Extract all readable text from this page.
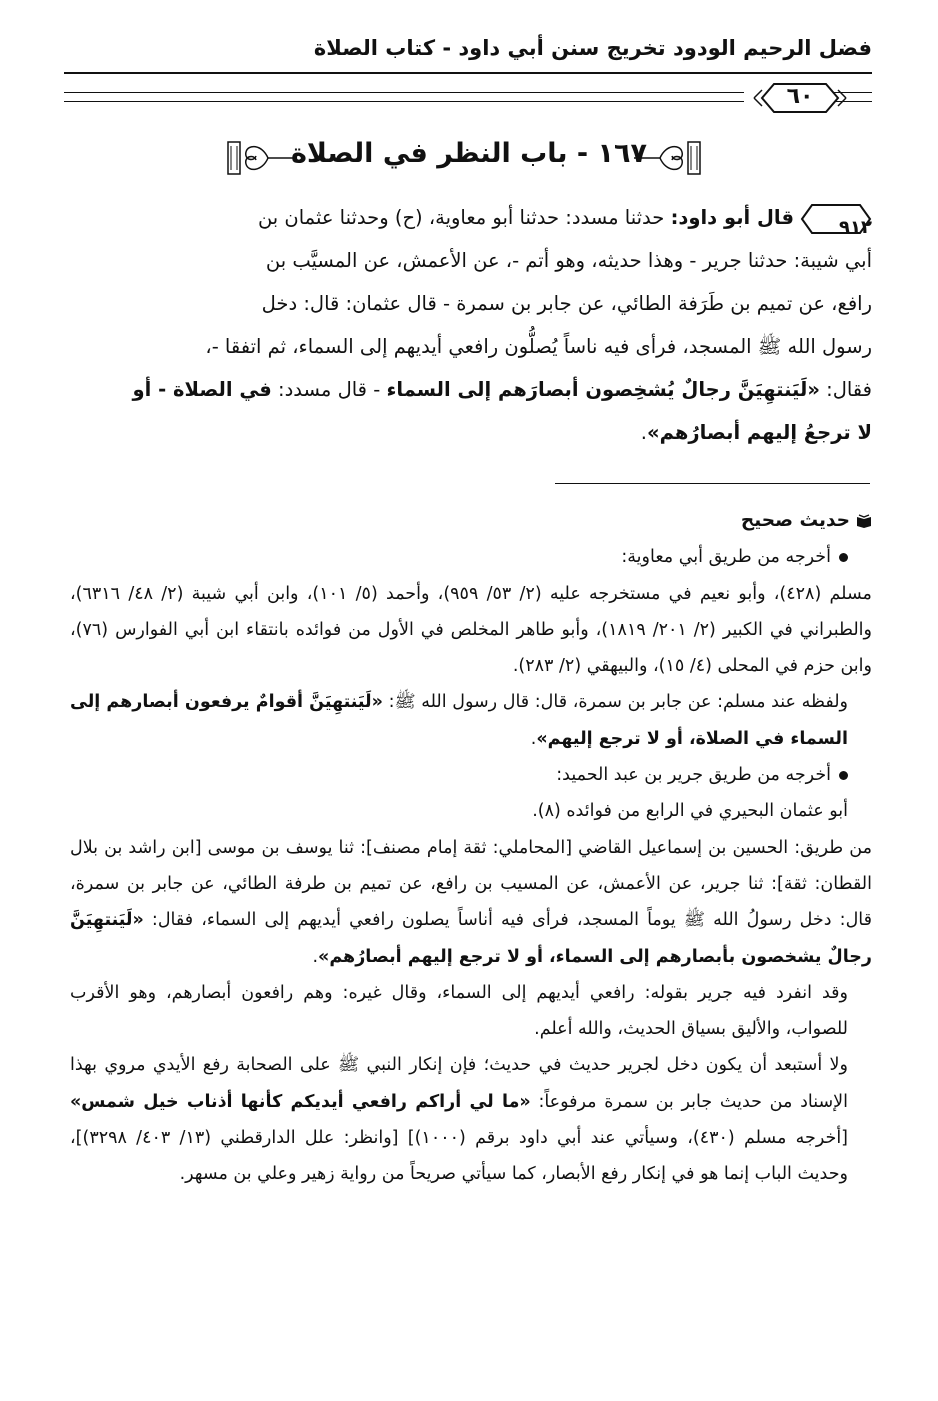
فضل الرحيم الودود تخريج سنن أبي داود - كتاب الصلاة
٦٠
١٦٧ - باب النظر في الصلاة

٩١٢
قال أبو داود: حدثنا مسدد: حدثنا أبو معاوية، (ح) وحدثنا عثمان بن

أبي شيبة: حدثنا جرير - وهذا حديثه، وهو أتم -، عن الأعمش، عن المسيَّب بن

رافع، عن تميم بن طَرَفة الطائي، عن جابر بن سمرة - قال عثمان: قال: دخل

رسول الله ﷺ المسجد، فرأى فيه ناساً يُصلُّون رافعي أيديهم إلى السماء، ثم اتفقا -،

فقال: «لَيَنتهِيَنَّ رجالٌ يُشخِصون أبصارَهم إلى السماء - قال مسدد: في الصلاة - أو

لا ترجعُ إليهم أبصارُهم».

حديث صحيح

أخرجه من طريق أبي معاوية:

مسلم (٤٢٨)، وأبو نعيم في مستخرجه عليه (٢/ ٥٣/ ٩٥٩)، وأحمد (٥/ ١٠١)، وابن أبي شيبة (٢/ ٤٨/ ٦٣١٦)، والطبراني في الكبير (٢/ ٢٠١/ ١٨١٩)، وأبو طاهر المخلص في الأول من فوائده بانتقاء ابن أبي الفوارس (٧٦)، وابن حزم في المحلى (٤/ ١٥)، والبيهقي (٢/ ٢٨٣).

ولفظه عند مسلم: عن جابر بن سمرة، قال: قال رسول الله ﷺ: «لَيَنتهِيَنَّ أقوامٌ يرفعون أبصارهم إلى السماء في الصلاة، أو لا ترجع إليهم».

أخرجه من طريق جرير بن عبد الحميد:

أبو عثمان البحيري في الرابع من فوائده (٨).

من طريق: الحسين بن إسماعيل القاضي [المحاملي: ثقة إمام مصنف]: ثنا يوسف بن موسى [ابن راشد بن بلال القطان: ثقة]: ثنا جرير، عن الأعمش، عن المسيب بن رافع، عن تميم بن طرفة الطائي، عن جابر بن سمرة، قال: دخل رسولُ الله ﷺ يوماً المسجد، فرأى فيه أناساً يصلون رافعي أيديهم إلى السماء، فقال: «لَيَنتهِيَنَّ رجالٌ يشخصون بأبصارهم إلى السماء، أو لا ترجع إليهم أبصارُهم».

وقد انفرد فيه جرير بقوله: رافعي أيديهم إلى السماء، وقال غيره: وهم رافعون أبصارهم، وهو الأقرب للصواب، والأليق بسياق الحديث، والله أعلم.

ولا أستبعد أن يكون دخل لجرير حديث في حديث؛ فإن إنكار النبي ﷺ على الصحابة رفع الأيدي مروي بهذا الإسناد من حديث جابر بن سمرة مرفوعاً: «ما لي أراكم رافعي أيديكم كأنها أذناب خيل شمس» [أخرجه مسلم (٤٣٠)، وسيأتي عند أبي داود برقم (١٠٠٠)] [وانظر: علل الدارقطني (١٣/ ٤٠٣/ ٣٢٩٨)]، وحديث الباب إنما هو في إنكار رفع الأبصار، كما سيأتي صريحاً من رواية زهير وعلي بن مسهر.
